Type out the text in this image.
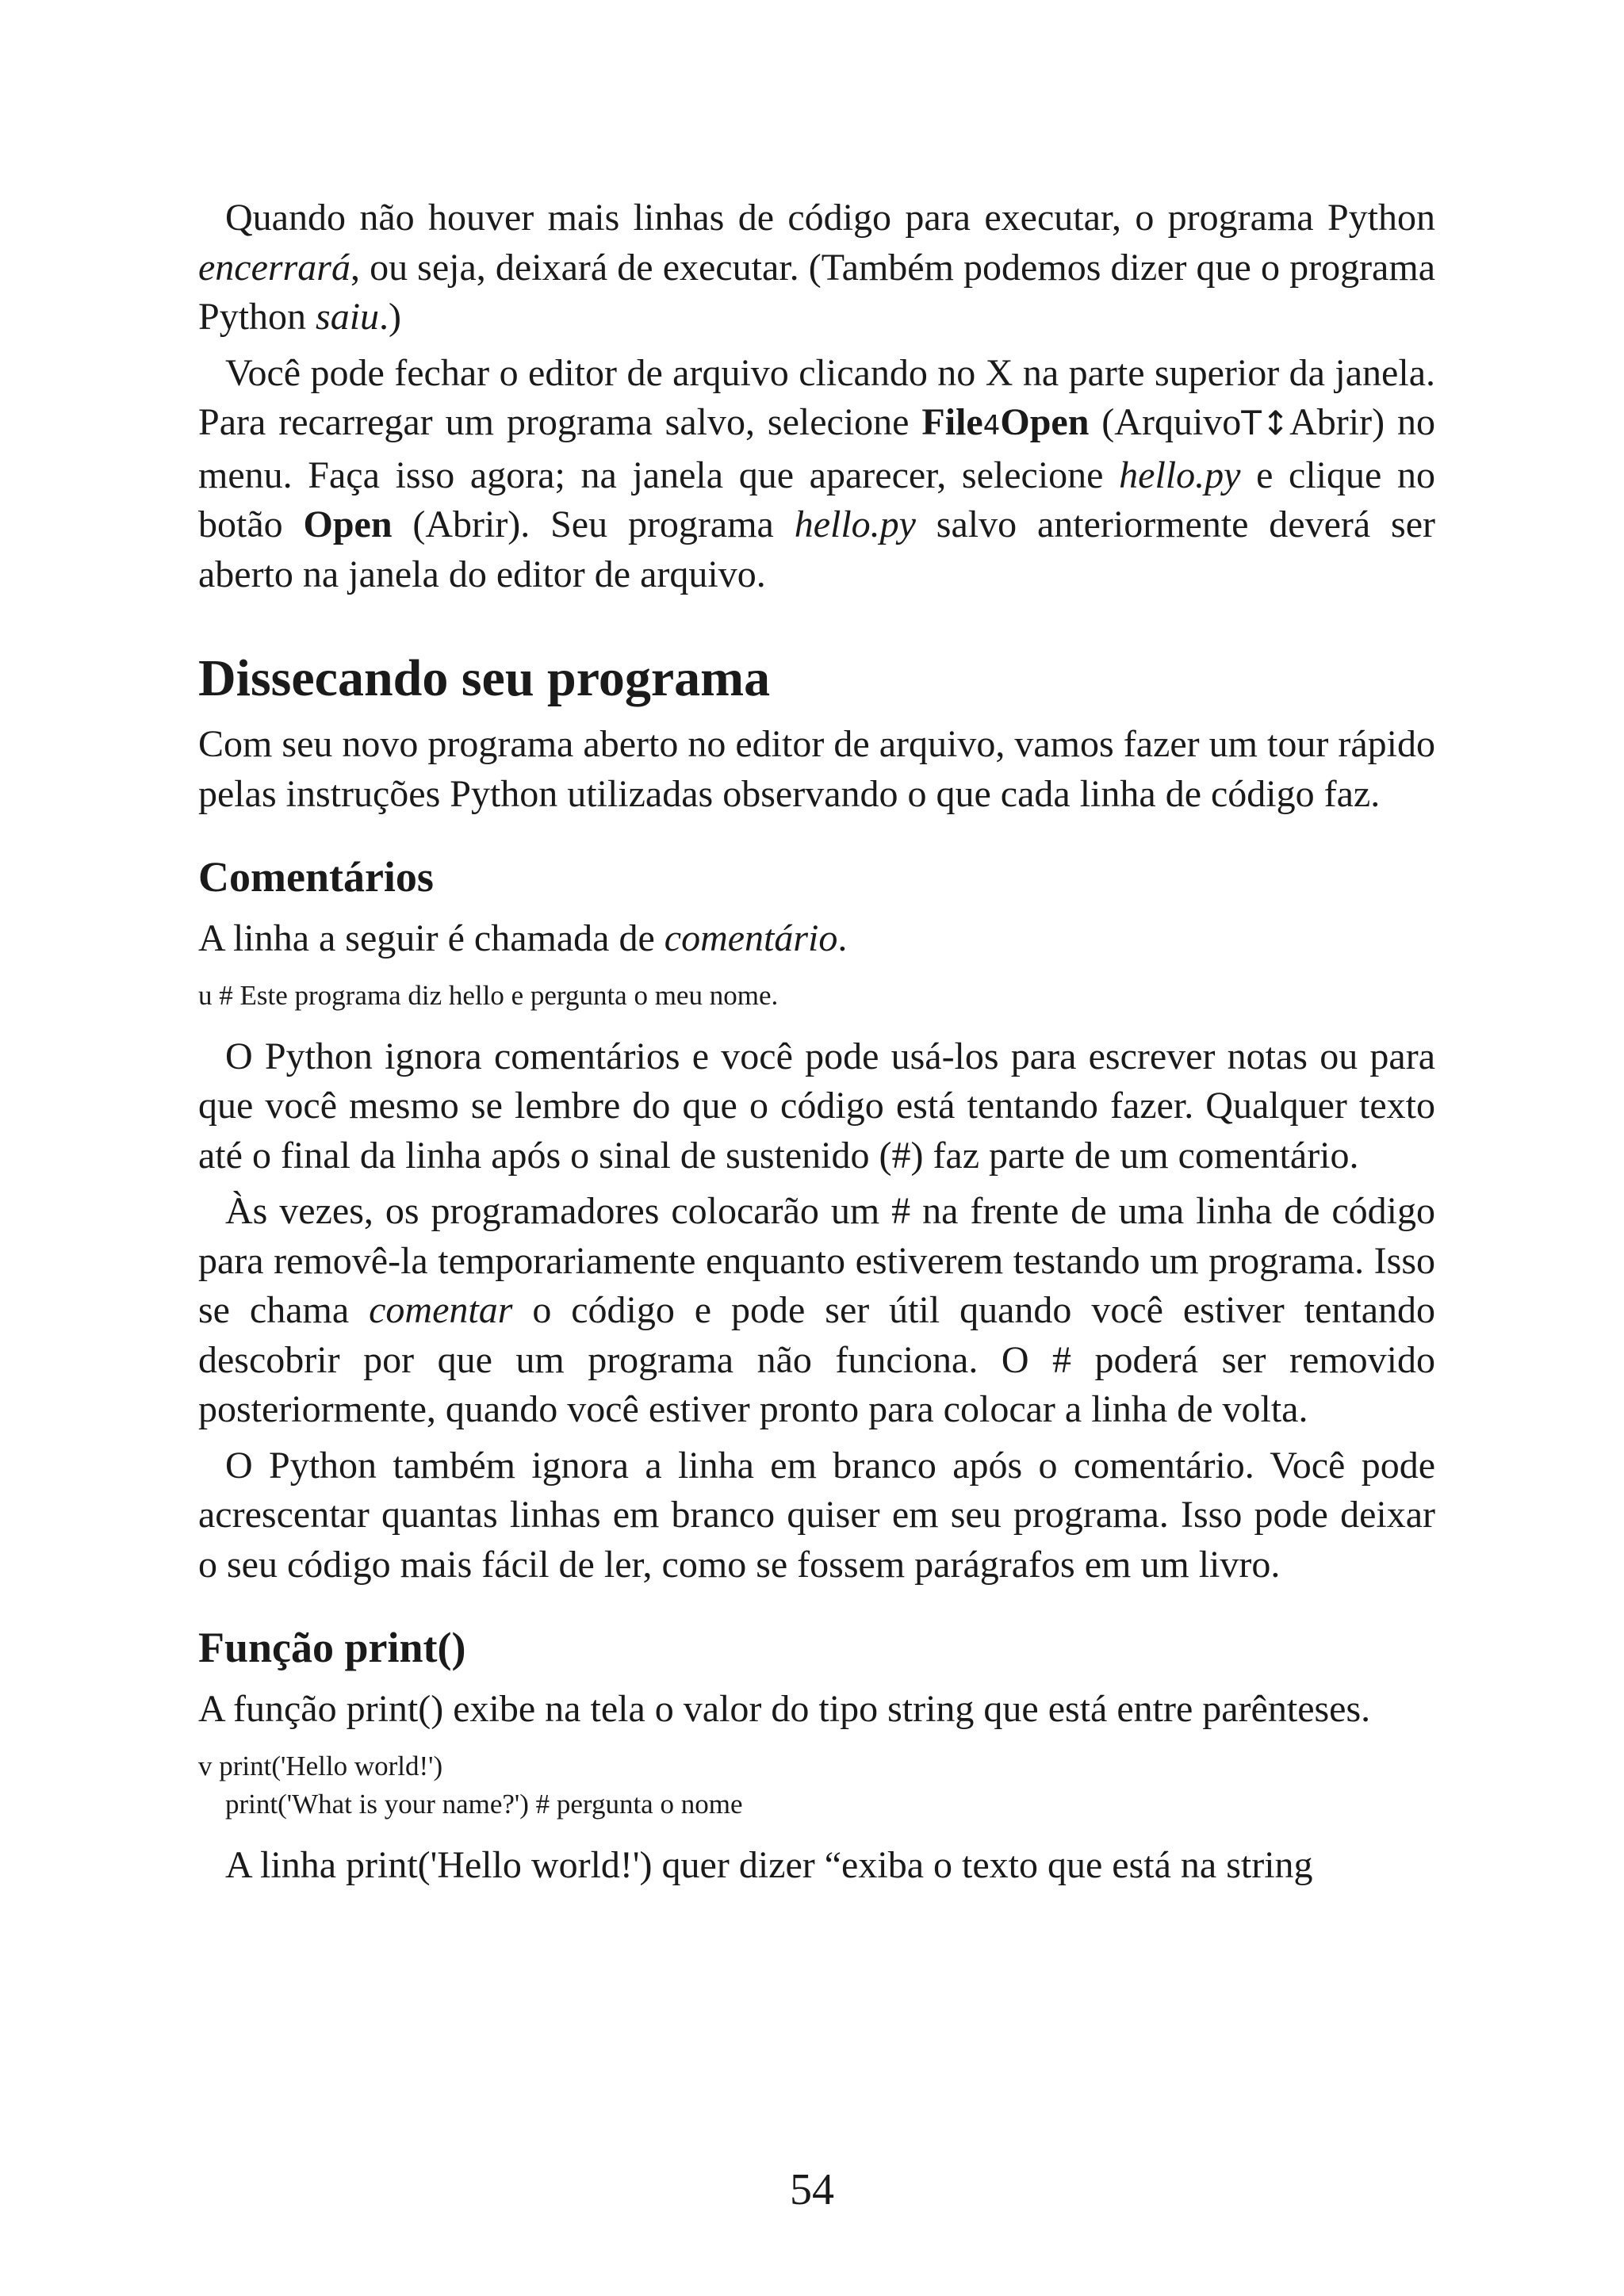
Quando não houver mais linhas de código para executar, o programa Python encerrará, ou seja, deixará de executar. (Também podemos dizer que o programa Python saiu.)

Você pode fechar o editor de arquivo clicando no X na parte superior da janela. Para recarregar um programa salvo, selecione File4Open (ArquivoT↕Abrir) no menu. Faça isso agora; na janela que aparecer, selecione hello.py e clique no botão Open (Abrir). Seu programa hello.py salvo anteriormente deverá ser aberto na janela do editor de arquivo.

Dissecando seu programa

Com seu novo programa aberto no editor de arquivo, vamos fazer um tour rápido pelas instruções Python utilizadas observando o que cada linha de código faz.

Comentários

A linha a seguir é chamada de comentário.

u # Este programa diz hello e pergunta o meu nome.

O Python ignora comentários e você pode usá-los para escrever notas ou para que você mesmo se lembre do que o código está tentando fazer. Qualquer texto até o final da linha após o sinal de sustenido (#) faz parte de um comentário.

Às vezes, os programadores colocarão um # na frente de uma linha de código para removê-la temporariamente enquanto estiverem testando um programa. Isso se chama comentar o código e pode ser útil quando você estiver tentando descobrir por que um programa não funciona. O # poderá ser removido posteriormente, quando você estiver pronto para colocar a linha de volta.

O Python também ignora a linha em branco após o comentário. Você pode acrescentar quantas linhas em branco quiser em seu programa. Isso pode deixar o seu código mais fácil de ler, como se fossem parágrafos em um livro.

Função print()

A função print() exibe na tela o valor do tipo string que está entre parênteses.

v print('Hello world!')

print('What is your name?') # pergunta o nome

A linha print('Hello world!') quer dizer “exiba o texto que está na string

54
